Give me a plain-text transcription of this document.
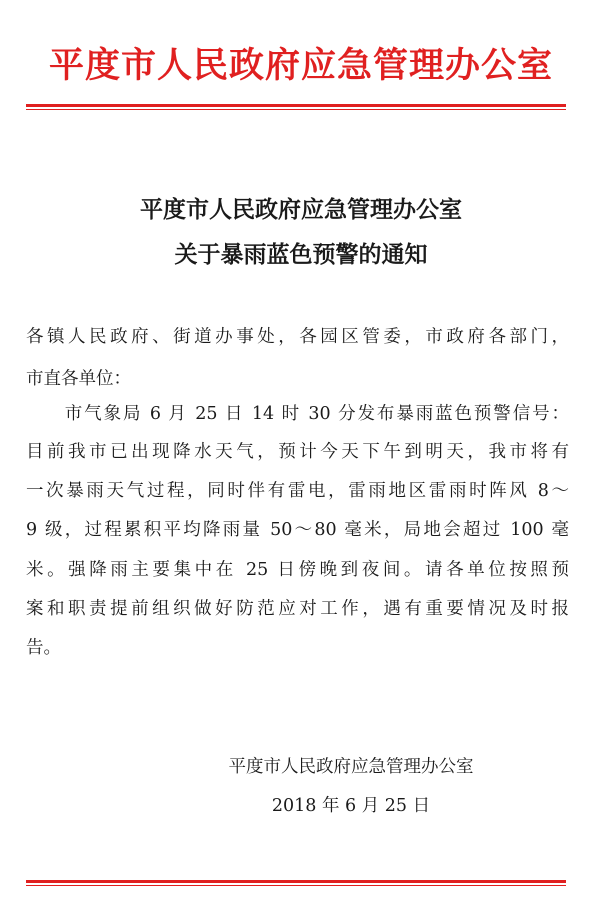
平度市人民政府应急管理办公室
平度市人民政府应急管理办公室
关于暴雨蓝色预警的通知
各镇人民政府、街道办事处，各园区管委，市政府各部门，
市直各单位：
　　市气象局 6 月 25 日 14 时 30 分发布暴雨蓝色预警信号：
目前我市已出现降水天气，预计今天下午到明天，我市将有
一次暴雨天气过程，同时伴有雷电，雷雨地区雷雨时阵风 8～
9 级，过程累积平均降雨量 50～80 毫米，局地会超过 100 毫
米。强降雨主要集中在 25 日傍晚到夜间。请各单位按照预
案和职责提前组织做好防范应对工作，遇有重要情况及时报
告。
平度市人民政府应急管理办公室
2018 年 6 月 25 日
